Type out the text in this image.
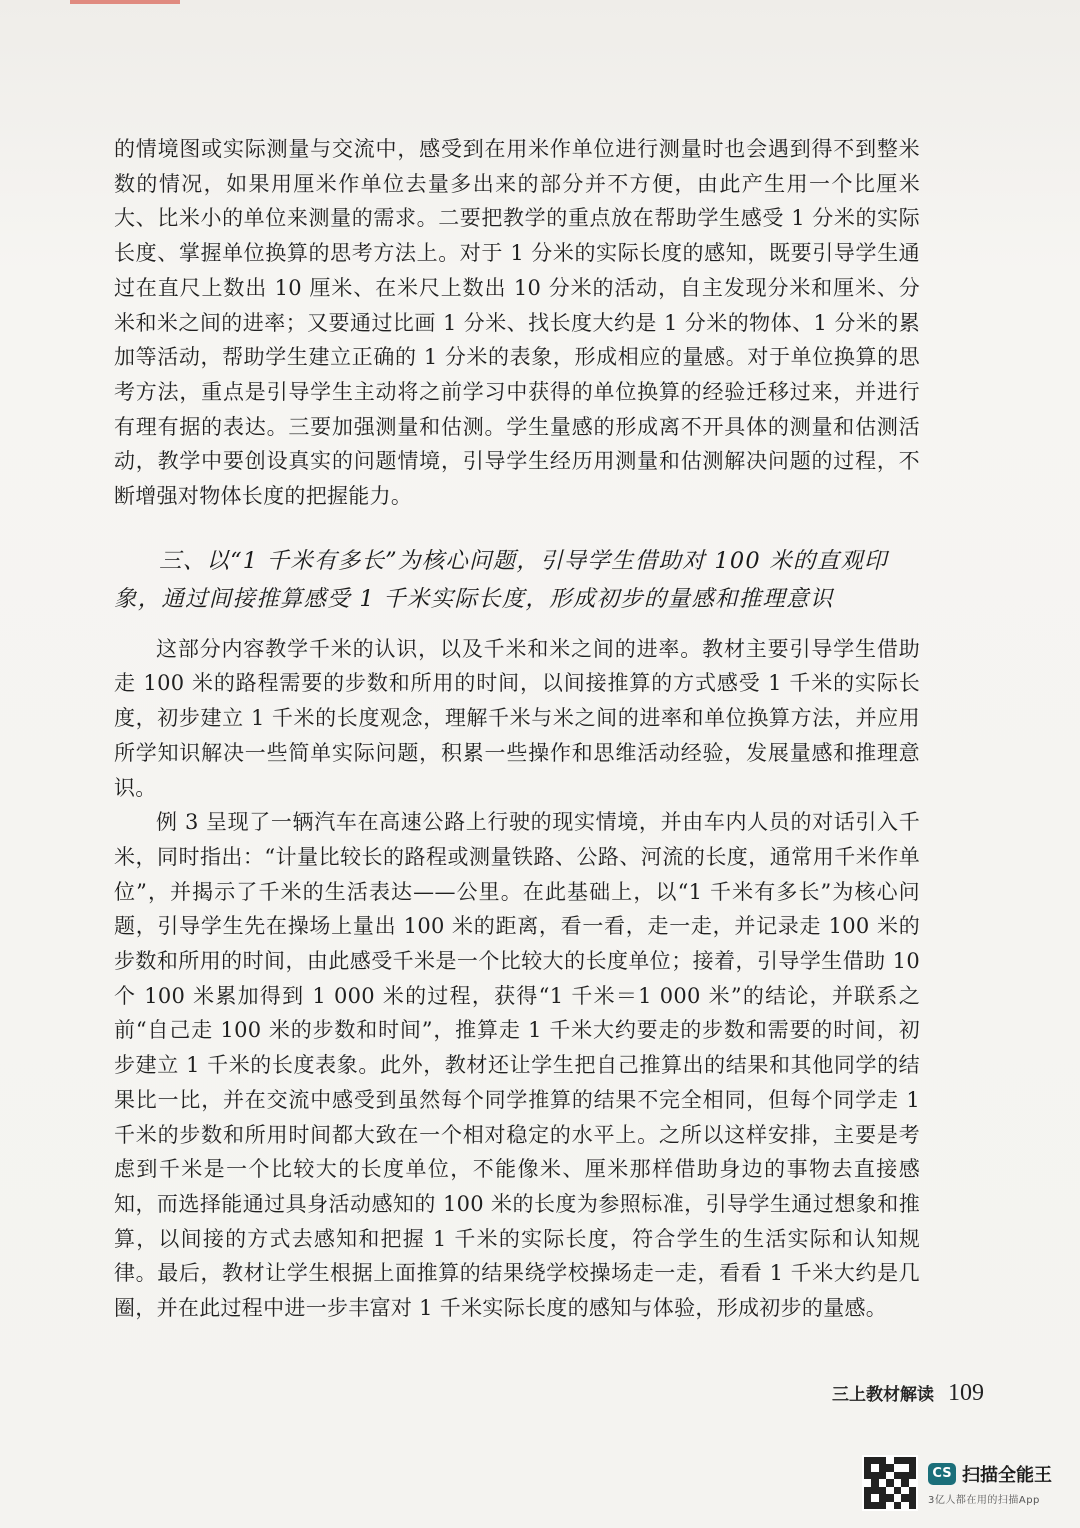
的情境图或实际测量与交流中，感受到在用米作单位进行测量时也会遇到得不到整米数的情况，如果用厘米作单位去量多出来的部分并不方便，由此产生用一个比厘米大、比米小的单位来测量的需求。二要把教学的重点放在帮助学生感受 1 分米的实际长度、掌握单位换算的思考方法上。对于 1 分米的实际长度的感知，既要引导学生通过在直尺上数出 10 厘米、在米尺上数出 10 分米的活动，自主发现分米和厘米、分米和米之间的进率；又要通过比画 1 分米、找长度大约是 1 分米的物体、1 分米的累加等活动，帮助学生建立正确的 1 分米的表象，形成相应的量感。对于单位换算的思考方法，重点是引导学生主动将之前学习中获得的单位换算的经验迁移过来，并进行有理有据的表达。三要加强测量和估测。学生量感的形成离不开具体的测量和估测活动，教学中要创设真实的问题情境，引导学生经历用测量和估测解决问题的过程，不断增强对物体长度的把握能力。

三、以“1 千米有多长”为核心问题，引导学生借助对 100 米的直观印象，通过间接推算感受 1 千米实际长度，形成初步的量感和推理意识

这部分内容教学千米的认识，以及千米和米之间的进率。教材主要引导学生借助走 100 米的路程需要的步数和所用的时间，以间接推算的方式感受 1 千米的实际长度，初步建立 1 千米的长度观念，理解千米与米之间的进率和单位换算方法，并应用所学知识解决一些简单实际问题，积累一些操作和思维活动经验，发展量感和推理意识。

例 3 呈现了一辆汽车在高速公路上行驶的现实情境，并由车内人员的对话引入千米，同时指出：“计量比较长的路程或测量铁路、公路、河流的长度，通常用千米作单位”，并揭示了千米的生活表达——公里。在此基础上，以“1 千米有多长”为核心问题，引导学生先在操场上量出 100 米的距离，看一看，走一走，并记录走 100 米的步数和所用的时间，由此感受千米是一个比较大的长度单位；接着，引导学生借助 10 个 100 米累加得到 1 000 米的过程，获得“1 千米＝1 000 米”的结论，并联系之前“自己走 100 米的步数和时间”，推算走 1 千米大约要走的步数和需要的时间，初步建立 1 千米的长度表象。此外，教材还让学生把自己推算出的结果和其他同学的结果比一比，并在交流中感受到虽然每个同学推算的结果不完全相同，但每个同学走 1 千米的步数和所用时间都大致在一个相对稳定的水平上。之所以这样安排，主要是考虑到千米是一个比较大的长度单位，不能像米、厘米那样借助身边的事物去直接感知，而选择能通过具身活动感知的 100 米的长度为参照标准，引导学生通过想象和推算，以间接的方式去感知和把握 1 千米的实际长度，符合学生的生活实际和认知规律。最后，教材让学生根据上面推算的结果绕学校操场走一走，看看 1 千米大约是几圈，并在此过程中进一步丰富对 1 千米实际长度的感知与体验，形成初步的量感。

三上教材解读 109
CS 扫描全能王
3亿人都在用的扫描App
